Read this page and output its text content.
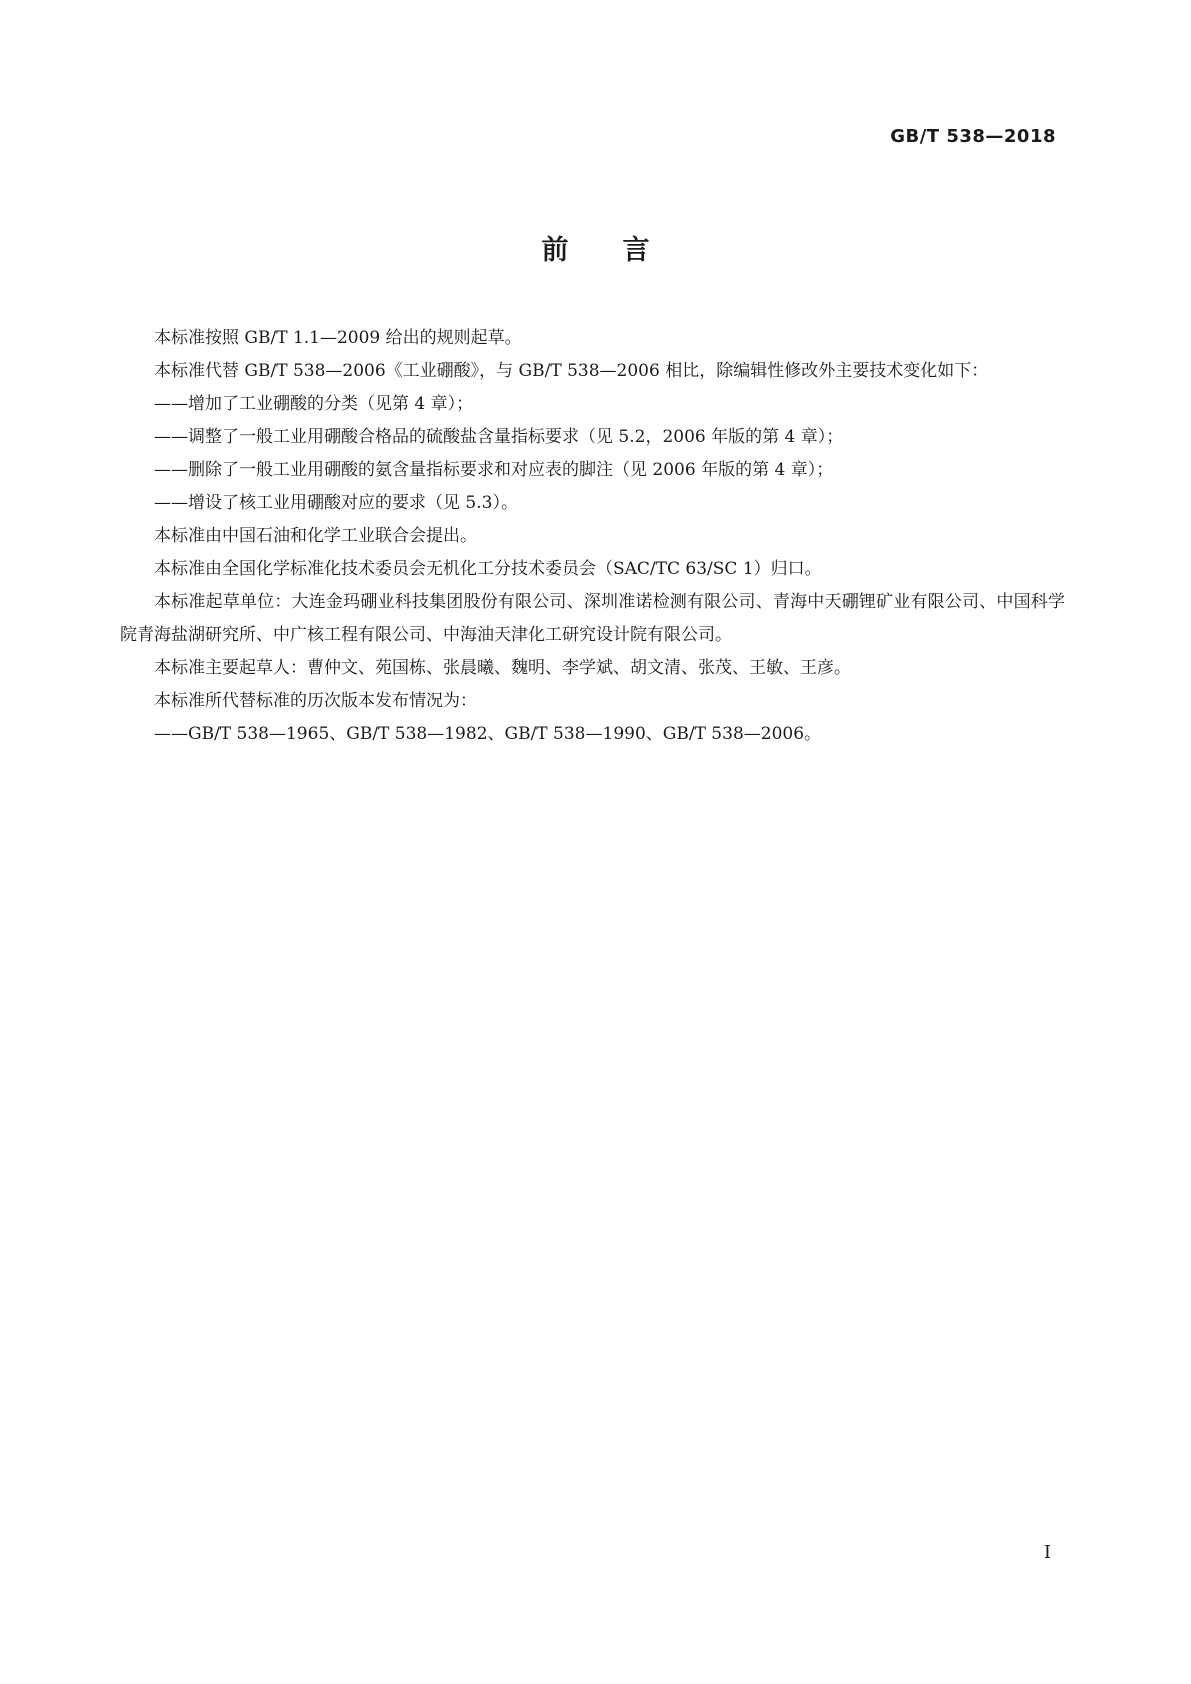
GB/T 538—2018
前　　言

本标准按照 GB/T 1.1—2009 给出的规则起草。

本标准代替 GB/T 538—2006《工业硼酸》，与 GB/T 538—2006 相比，除编辑性修改外主要技术变化如下：

——增加了工业硼酸的分类（见第 4 章）；

——调整了一般工业用硼酸合格品的硫酸盐含量指标要求（见 5.2，2006 年版的第 4 章）；

——删除了一般工业用硼酸的氨含量指标要求和对应表的脚注（见 2006 年版的第 4 章）；

——增设了核工业用硼酸对应的要求（见 5.3）。

本标准由中国石油和化学工业联合会提出。

本标准由全国化学标准化技术委员会无机化工分技术委员会（SAC/TC 63/SC 1）归口。

本标准起草单位：大连金玛硼业科技集团股份有限公司、深圳准诺检测有限公司、青海中天硼锂矿业有限公司、中国科学院青海盐湖研究所、中广核工程有限公司、中海油天津化工研究设计院有限公司。

本标准主要起草人：曹仲文、苑国栋、张晨曦、魏明、李学斌、胡文清、张茂、王敏、王彦。

本标准所代替标准的历次版本发布情况为：

——GB/T 538—1965、GB/T 538—1982、GB/T 538—1990、GB/T 538—2006。

I
